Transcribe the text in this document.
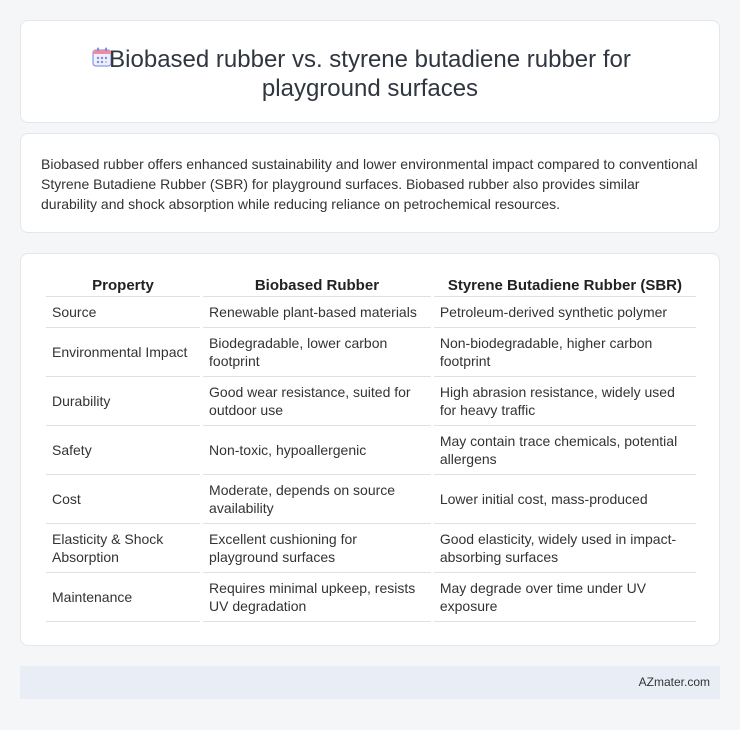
Biobased rubber vs. styrene butadiene rubber for
playground surfaces

Biobased rubber offers enhanced sustainability and lower environmental impact compared to conventional Styrene Butadiene Rubber (SBR) for playground surfaces. Biobased rubber also provides similar durability and shock absorption while reducing reliance on petrochemical resources.

Property	Biobased Rubber	Styrene Butadiene Rubber (SBR)
Source	Renewable plant-based materials	Petroleum-derived synthetic polymer
Environmental Impact	Biodegradable, lower carbon footprint	Non-biodegradable, higher carbon footprint
Durability	Good wear resistance, suited for outdoor use	High abrasion resistance, widely used for heavy traffic
Safety	Non-toxic, hypoallergenic	May contain trace chemicals, potential allergens
Cost	Moderate, depends on source availability	Lower initial cost, mass-produced
Elasticity & Shock Absorption	Excellent cushioning for playground surfaces	Good elasticity, widely used in impact-absorbing surfaces
Maintenance	Requires minimal upkeep, resists UV degradation	May degrade over time under UV exposure
AZmater.com
